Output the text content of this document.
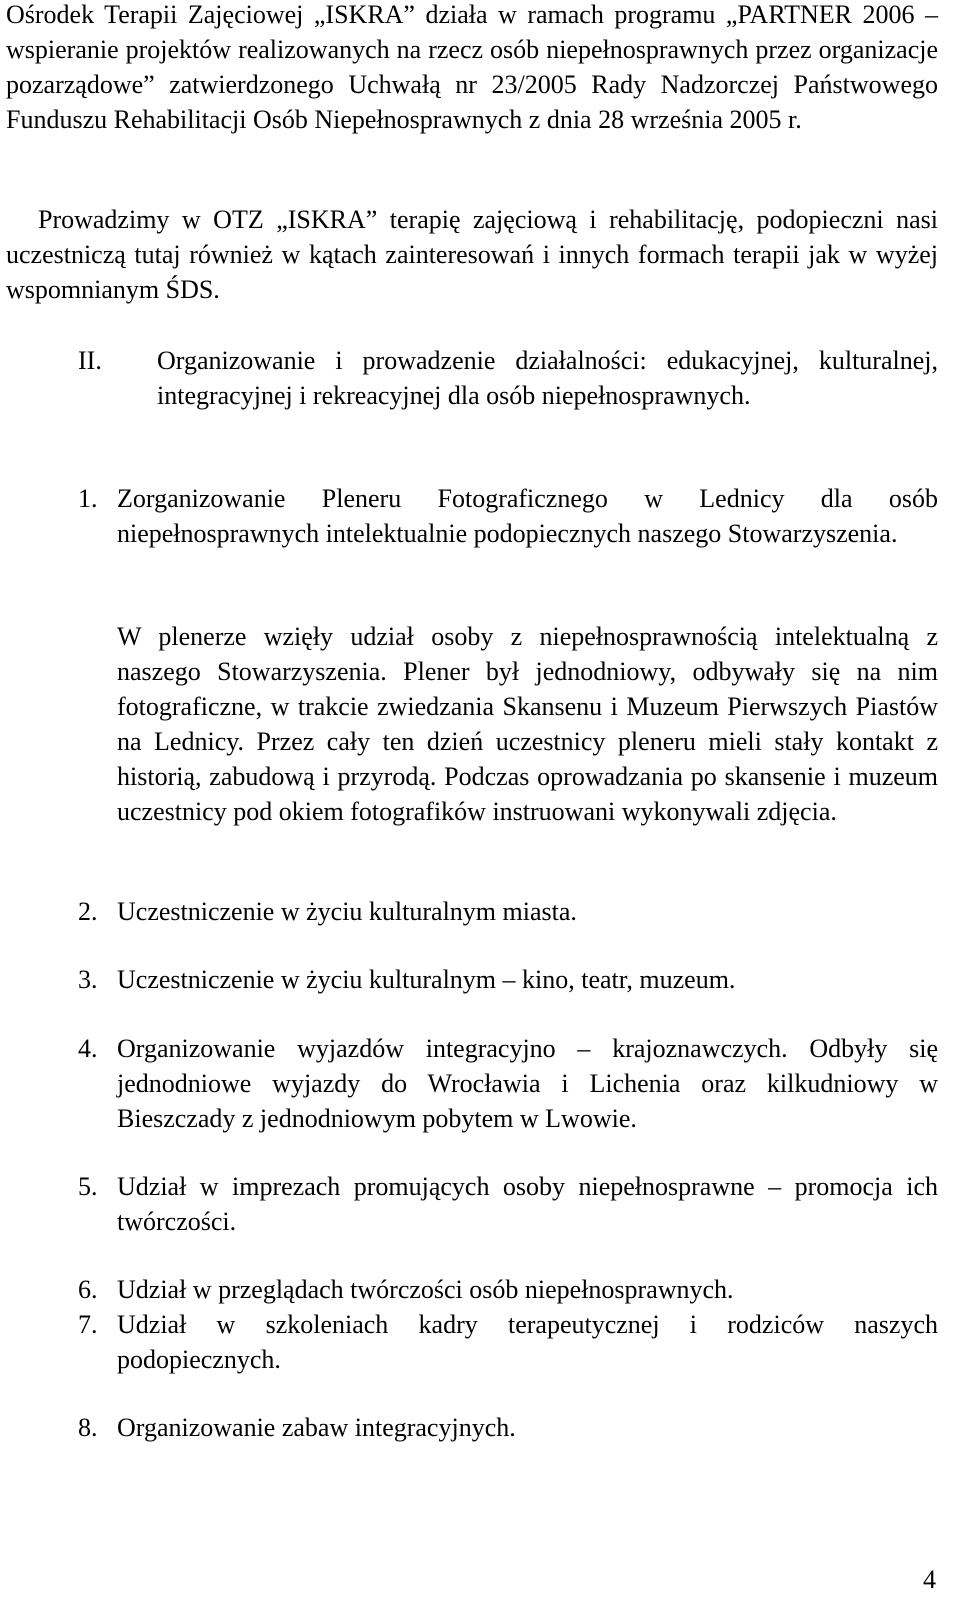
Ośrodek Terapii Zajęciowej „ISKRA” działa w ramach programu „PARTNER 2006 – wspieranie projektów realizowanych na rzecz osób niepełnosprawnych przez organizacje pozarządowe” zatwierdzonego Uchwałą nr 23/2005 Rady Nadzorczej Państwowego Funduszu Rehabilitacji Osób Niepełnosprawnych z dnia 28 września 2005 r.
Prowadzimy w OTZ „ISKRA” terapię zajęciową i rehabilitację, podopieczni nasi uczestniczą tutaj również w kątach zainteresowań i innych formach terapii jak w wyżej wspomnianym ŚDS.
II. Organizowanie i prowadzenie działalności: edukacyjnej, kulturalnej, integracyjnej i rekreacyjnej dla osób niepełnosprawnych.
1. Zorganizowanie Pleneru Fotograficznego w Lednicy dla osób niepełnosprawnych intelektualnie podopiecznych naszego Stowarzyszenia.
W plenerze wzięły udział osoby z niepełnosprawnością intelektualną z naszego Stowarzyszenia. Plener był jednodniowy, odbywały się na nim fotograficzne, w trakcie zwiedzania Skansenu i Muzeum Pierwszych Piastów na Lednicy. Przez cały ten dzień uczestnicy pleneru mieli stały kontakt z historią, zabudową i przyrodą. Podczas oprowadzania po skansenie i muzeum uczestnicy pod okiem fotografików instruowani wykonywali zdjęcia.
2. Uczestniczenie w życiu kulturalnym miasta.
3. Uczestniczenie w życiu kulturalnym – kino, teatr, muzeum.
4. Organizowanie wyjazdów integracyjno – krajoznawczych. Odbyły się jednodniowe wyjazdy do Wrocławia i Lichenia oraz kilkudniowy w Bieszczady z jednodniowym pobytem w Lwowie.
5. Udział w imprezach promujących osoby niepełnosprawne – promocja ich twórczości.
6. Udział w przeglądach twórczości osób niepełnosprawnych.
7. Udział w szkoleniach kadry terapeutycznej i rodziców naszych podopiecznych.
8. Organizowanie zabaw integracyjnych.
4
